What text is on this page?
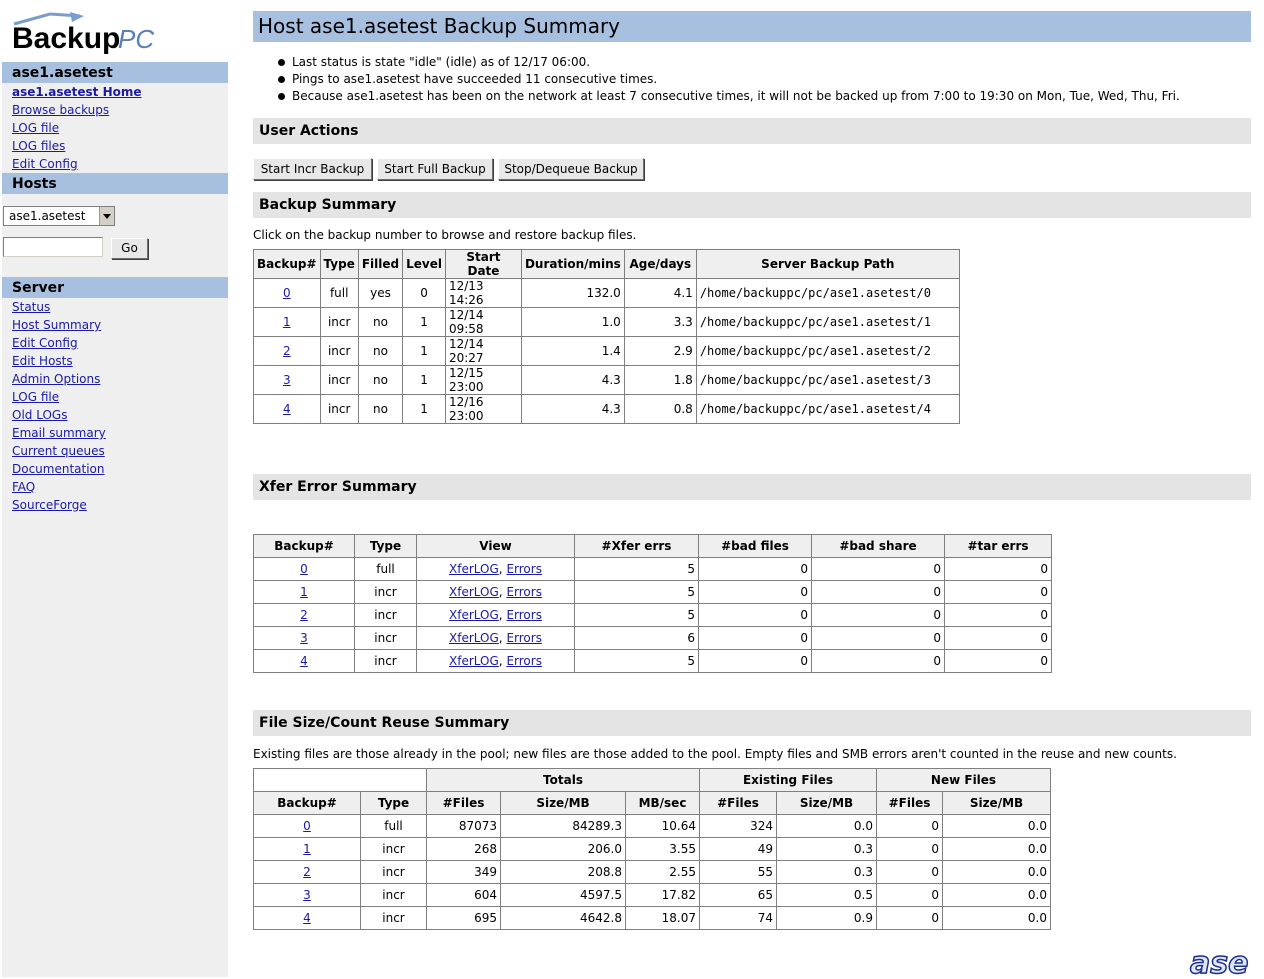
Backup
PC
ase1.asetest
ase1.asetest Home
Browse backups
LOG file
LOG files
Edit Config
Hosts
ase1.asetest
Go
Server
Status
Host Summary
Edit Config
Edit Hosts
Admin Options
LOG file
Old LOGs
Email summary
Current queues
Documentation
FAQ
SourceForge
Host ase1.asetest Backup Summary
Last status is state "idle" (idle) as of 12/17 06:00.
Pings to ase1.asetest have succeeded 11 consecutive times.
Because ase1.asetest has been on the network at least 7 consecutive times, it will not be backed up from 7:00 to 19:30 on Mon, Tue, Wed, Thu, Fri.
User Actions
Start Incr Backup Start Full Backup Stop/Dequeue Backup
Backup Summary
Click on the backup number to browse and restore backup files.
Backup#	Type	Filled	Level	Start Date	Duration/mins	Age/days	Server Backup Path
0	full	yes	0	12/13 14:26	132.0	4.1	/home/backuppc/pc/ase1.asetest/0
1	incr	no	1	12/14 09:58	1.0	3.3	/home/backuppc/pc/ase1.asetest/1
2	incr	no	1	12/14 20:27	1.4	2.9	/home/backuppc/pc/ase1.asetest/2
3	incr	no	1	12/15 23:00	4.3	1.8	/home/backuppc/pc/ase1.asetest/3
4	incr	no	1	12/16 23:00	4.3	0.8	/home/backuppc/pc/ase1.asetest/4
Xfer Error Summary
Backup#	Type	View	#Xfer errs	#bad files	#bad share	#tar errs
0	full	XferLOG, Errors	5	0	0	0
1	incr	XferLOG, Errors	5	0	0	0
2	incr	XferLOG, Errors	5	0	0	0
3	incr	XferLOG, Errors	6	0	0	0
4	incr	XferLOG, Errors	5	0	0	0
File Size/Count Reuse Summary
Existing files are those already in the pool; new files are those added to the pool. Empty files and SMB errors aren't counted in the reuse and new counts.
		Totals			Existing Files		New Files	
Backup#	Type	#Files	Size/MB	MB/sec	#Files	Size/MB	#Files	Size/MB
0	full	87073	84289.3	10.64	324	0.0	0	0.0
1	incr	268	206.0	3.55	49	0.3	0	0.0
2	incr	349	208.8	2.55	55	0.3	0	0.0
3	incr	604	4597.5	17.82	65	0.5	0	0.0
4	incr	695	4642.8	18.07	74	0.9	0	0.0
ase
